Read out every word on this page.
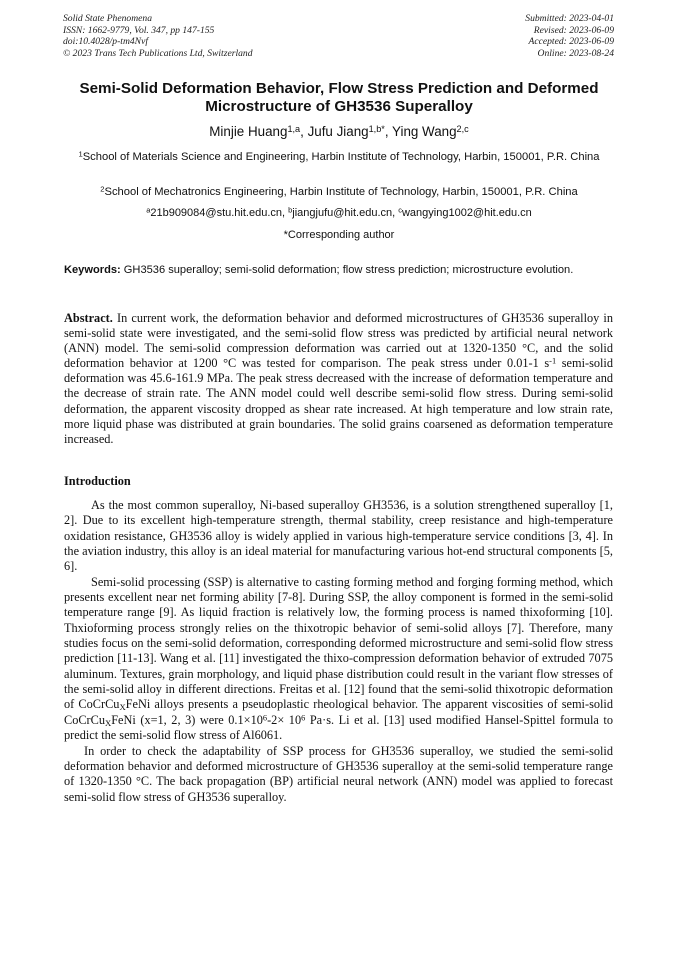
Solid State Phenomena
ISSN: 1662-9779, Vol. 347, pp 147-155
doi:10.4028/p-tm4Nvf
© 2023 Trans Tech Publications Ltd, Switzerland
Submitted: 2023-04-01
Revised: 2023-06-09
Accepted: 2023-06-09
Online: 2023-08-24
Semi-Solid Deformation Behavior, Flow Stress Prediction and Deformed Microstructure of GH3536 Superalloy
Minjie Huang$^{1,a}$, Jufu Jiang$^{1,b*}$, Ying Wang$^{2,c}$
$^1$School of Materials Science and Engineering, Harbin Institute of Technology, Harbin, 150001, P.R. China
$^2$School of Mechatronics Engineering, Harbin Institute of Technology, Harbin, 150001, P.R. China
$^a$21b909084@stu.hit.edu.cn, $^b$jiangjufu@hit.edu.cn, $^c$wangying1002@hit.edu.cn
*Corresponding author
Keywords: GH3536 superalloy; semi-solid deformation; flow stress prediction; microstructure evolution.
Abstract. In current work, the deformation behavior and deformed microstructures of GH3536 superalloy in semi-solid state were investigated, and the semi-solid flow stress was predicted by artificial neural network (ANN) model. The semi-solid compression deformation was carried out at 1320-1350 °C, and the solid deformation behavior at 1200 °C was tested for comparison. The peak stress under 0.01-1 $s^{-1}$ semi-solid deformation was 45.6-161.9 MPa. The peak stress decreased with the increase of deformation temperature and the decrease of strain rate. The ANN model could well describe semi-solid flow stress. During semi-solid deformation, the apparent viscosity dropped as shear rate increased. At high temperature and low strain rate, more liquid phase was distributed at grain boundaries. The solid grains coarsened as deformation temperature increased.
Introduction

As the most common superalloy, Ni-based superalloy GH3536, is a solution strengthened superalloy [1, 2]. Due to its excellent high-temperature strength, thermal stability, creep resistance and high-temperature oxidation resistance, GH3536 alloy is widely applied in various high-temperature service conditions [3, 4]. In the aviation industry, this alloy is an ideal material for manufacturing various hot-end structural components [5, 6].

Semi-solid processing (SSP) is alternative to casting forming method and forging forming method, which presents excellent near net forming ability [7-8]. During SSP, the alloy component is formed in the semi-solid temperature range [9]. As liquid fraction is relatively low, the forming process is named thixoforming [10]. Thxioforming process strongly relies on the thixotropic behavior of semi-solid alloys [7]. Therefore, many studies focus on the semi-solid deformation, corresponding deformed microstructure and semi-solid flow stress prediction [11-13]. Wang et al. [11] investigated the thixo-compression deformation behavior of extruded 7075 aluminum. Textures, grain morphology, and liquid phase distribution could result in the variant flow stresses of the semi-solid alloy in different directions. Freitas et al. [12] found that the semi-solid thixotropic deformation of CoCrCu$_X$FeNi alloys presents a pseudoplastic rheological behavior. The apparent viscosities of semi-solid CoCrCu$_X$FeNi (x=1, 2, 3) were $0.1\times 10^6-2\times 10^6$ Pa·s. Li et al. [13] used modified Hansel-Spittel formula to predict the semi-solid flow stress of Al6061.

In order to check the adaptability of SSP process for GH3536 superalloy, we studied the semi-solid deformation behavior and deformed microstructure of GH3536 superalloy at the semi-solid temperature range of 1320-1350 °C. The back propagation (BP) artificial neural network (ANN) model was applied to forecast semi-solid flow stress of GH3536 superalloy.
